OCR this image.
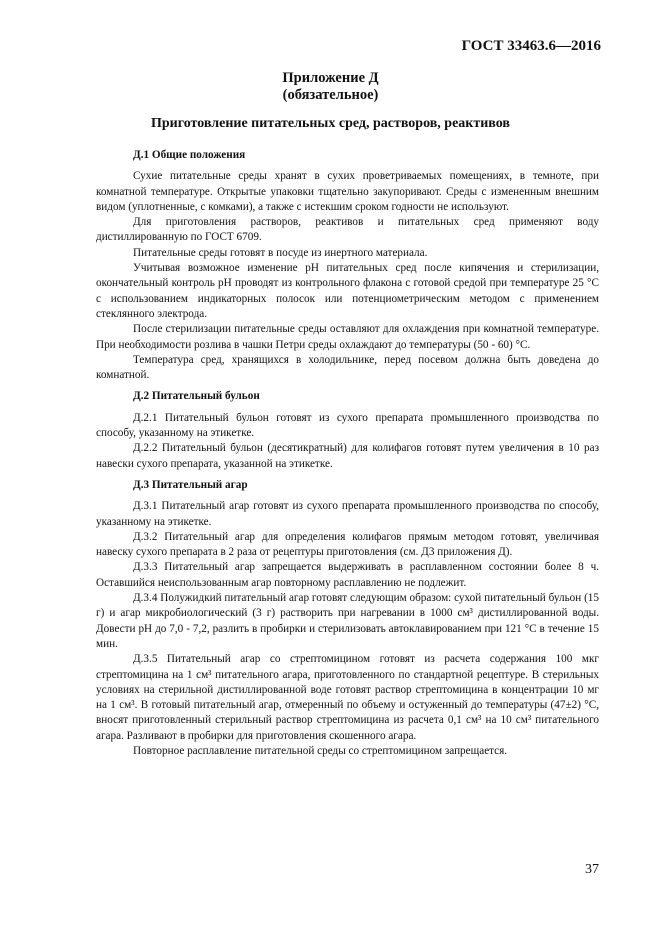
ГОСТ 33463.6—2016
Приложение Д
(обязательное)
Приготовление питательных сред, растворов, реактивов
Д.1 Общие положения

Сухие питательные среды хранят в сухих проветриваемых помещениях, в темноте, при комнатной температуре. Открытые упаковки тщательно закупоривают. Среды с измененным внешним видом (уплотненные, с комками), а также с истекшим сроком годности не используют.

Для приготовления растворов, реактивов и питательных сред применяют воду дистиллированную по ГОСТ 6709.

Питательные среды готовят в посуде из инертного материала.

Учитывая возможное изменение pH питательных сред после кипячения и стерилизации, окончательный контроль pH проводят из контрольного флакона с готовой средой при температуре 25 °С с использованием индикаторных полосок или потенциометрическим методом с применением стеклянного электрода.

После стерилизации питательные среды оставляют для охлаждения при комнатной температуре. При необходимости розлива в чашки Петри среды охлаждают до температуры (50 - 60) °С.

Температура сред, хранящихся в холодильнике, перед посевом должна быть доведена до комнатной.

Д.2 Питательный бульон

Д.2.1 Питательный бульон готовят из сухого препарата промышленного производства по способу, указанному на этикетке.

Д.2.2 Питательный бульон (десятикратный) для колифагов готовят путем увеличения в 10 раз навески сухого препарата, указанной на этикетке.

Д.3 Питательный агар

Д.3.1 Питательный агар готовят из сухого препарата промышленного производства по способу, указанному на этикетке.

Д.3.2 Питательный агар для определения колифагов прямым методом готовят, увеличивая навеску сухого препарата в 2 раза от рецептуры приготовления (см. Д3 приложения Д).

Д.3.3 Питательный агар запрещается выдерживать в расплавленном состоянии более 8 ч. Оставшийся неиспользованным агар повторному расплавлению не подлежит.

Д.3.4 Полужидкий питательный агар готовят следующим образом: сухой питательный бульон (15 г) и агар микробиологический (3 г) растворить при нагревании в 1000 см³ дистиллированной воды. Довести pH до 7,0 - 7,2, разлить в пробирки и стерилизовать автоклавированием при 121 °С в течение 15 мин.

Д.3.5 Питательный агар со стрептомицином готовят из расчета содержания 100 мкг стрептомицина на 1 см³ питательного агара, приготовленного по стандартной рецептуре. В стерильных условиях на стерильной дистиллированной воде готовят раствор стрептомицина в концентрации 10 мг на 1 см³. В готовый питательный агар, отмеренный по объему и остуженный до температуры (47±2) °С, вносят приготовленный стерильный раствор стрептомицина из расчета 0,1 см³ на 10 см³ питательного агара. Разливают в пробирки для приготовления скошенного агара.

Повторное расплавление питательной среды со стрептомицином запрещается.

37
